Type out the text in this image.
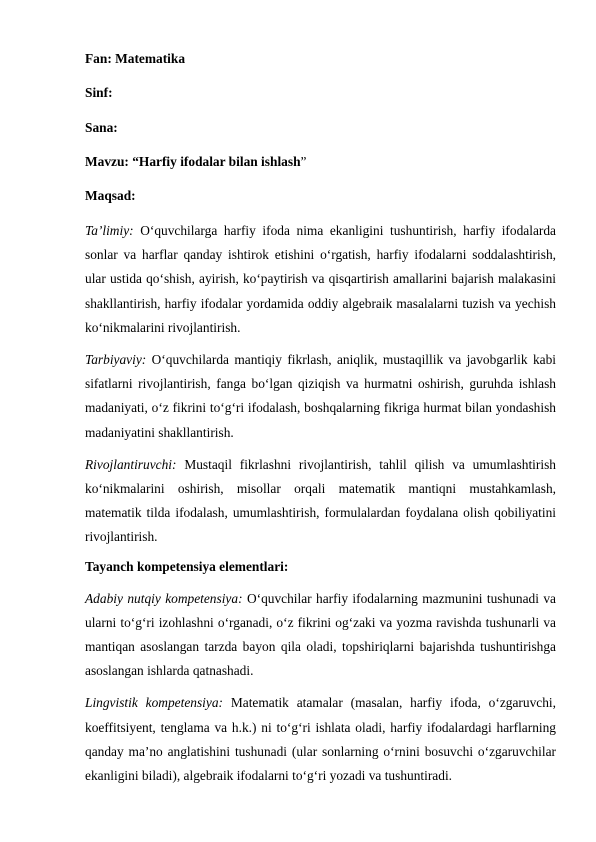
Fan: Matematika

Sinf:

Sana:

Mavzu: “Harfiy ifodalar bilan ishlash”

Maqsad:

Ta’limiy: O‘quvchilarga harfiy ifoda nima ekanligini tushuntirish, harfiy ifodalarda sonlar va harflar qanday ishtirok etishini o‘rgatish, harfiy ifodalarni soddalashtirish, ular ustida qo‘shish, ayirish, ko‘paytirish va qisqartirish amallarini bajarish malakasini shakllantirish, harfiy ifodalar yordamida oddiy algebraik masalalarni tuzish va yechish ko‘nikmalarini rivojlantirish.

Tarbiyaviy: O‘quvchilarda mantiqiy fikrlash, aniqlik, mustaqillik va javobgarlik kabi sifatlarni rivojlantirish, fanga bo‘lgan qiziqish va hurmatni oshirish, guruhda ishlash madaniyati, o‘z fikrini to‘g‘ri ifodalash, boshqalarning fikriga hurmat bilan yondashish madaniyatini shakllantirish.

Rivojlantiruvchi: Mustaqil fikrlashni rivojlantirish, tahlil qilish va umumlashtirish ko‘nikmalarini oshirish, misollar orqali matematik mantiqni mustahkamlash, matematik tilda ifodalash, umumlashtirish, formulalardan foydalana olish qobiliyatini rivojlantirish.

Tayanch kompetensiya elementlari:

Adabiy nutqiy kompetensiya: O‘quvchilar harfiy ifodalarning mazmunini tushunadi va ularni to‘g‘ri izohlashni o‘rganadi, o‘z fikrini og‘zaki va yozma ravishda tushunarli va mantiqan asoslangan tarzda bayon qila oladi, topshiriqlarni bajarishda tushuntirishga asoslangan ishlarda qatnashadi.

Lingvistik kompetensiya: Matematik atamalar (masalan, harfiy ifoda, o‘zgaruvchi, koeffitsiyent, tenglama va h.k.) ni to‘g‘ri ishlata oladi, harfiy ifodalardagi harflarning qanday ma’no anglatishini tushunadi (ular sonlarning o‘rnini bosuvchi o‘zgaruvchilar ekanligini biladi), algebraik ifodalarni to‘g‘ri yozadi va tushuntiradi.
